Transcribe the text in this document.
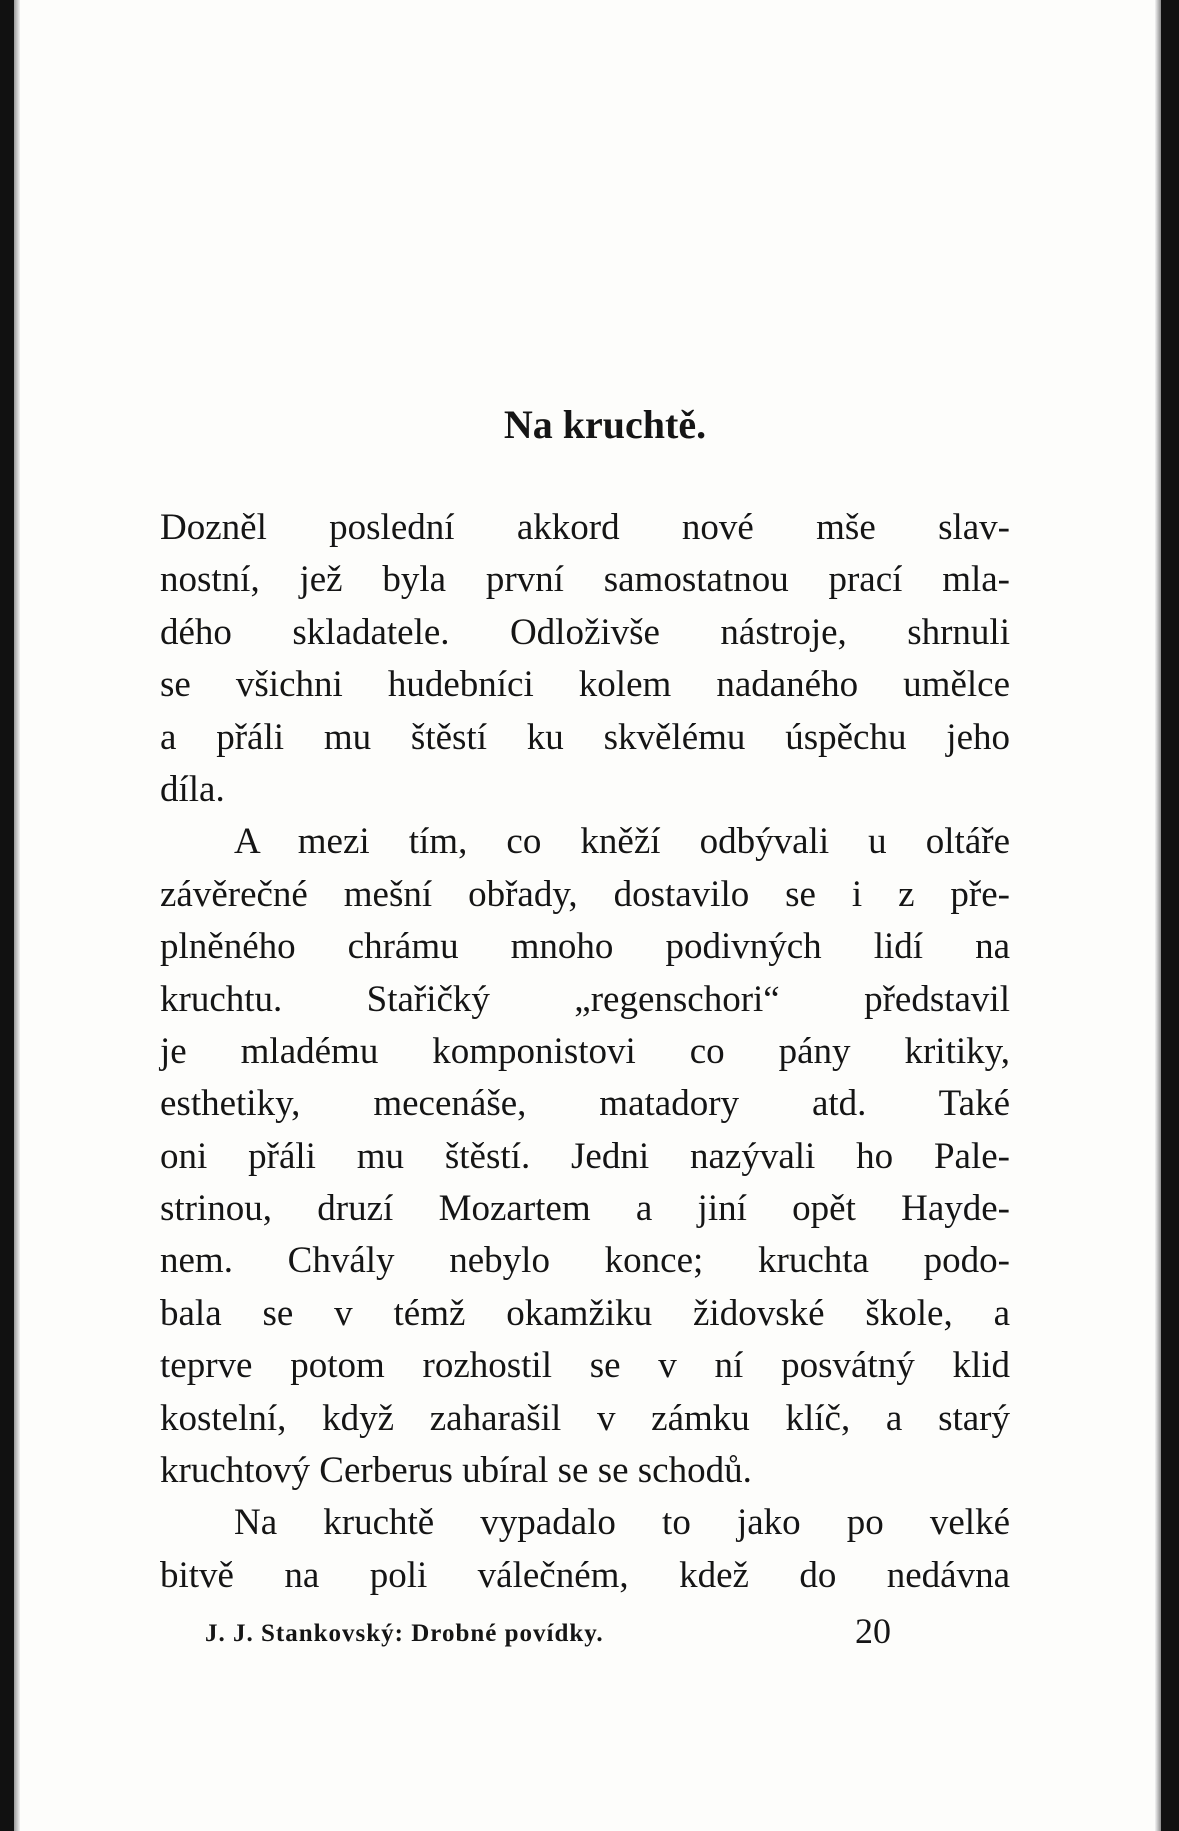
Na kruchtě.
Dozněl poslední akkord nové mše slav-
nostní, jež byla první samostatnou prací mla-
dého skladatele. Odloživše nástroje, shrnuli
se všichni hudebníci kolem nadaného umělce
a přáli mu štěstí ku skvělému úspěchu jeho
díla.
A mezi tím, co kněží odbývali u oltáře
závěrečné mešní obřady, dostavilo se i z pře-
plněného chrámu mnoho podivných lidí na
kruchtu. Stařičký „regenschori“ představil
je mladému komponistovi co pány kritiky,
esthetiky, mecenáše, matadory atd. Také
oni přáli mu štěstí. Jedni nazývali ho Pale-
strinou, druzí Mozartem a jiní opět Hayde-
nem. Chvály nebylo konce; kruchta podo-
bala se v témž okamžiku židovské škole, a
teprve potom rozhostil se v ní posvátný klid
kostelní, když zaharašil v zámku klíč, a starý
kruchtový Cerberus ubíral se se schodů.
Na kruchtě vypadalo to jako po velké
bitvě na poli válečném, kdež do nedávna
J. J. Stankovský: Drobné povídky.	20
